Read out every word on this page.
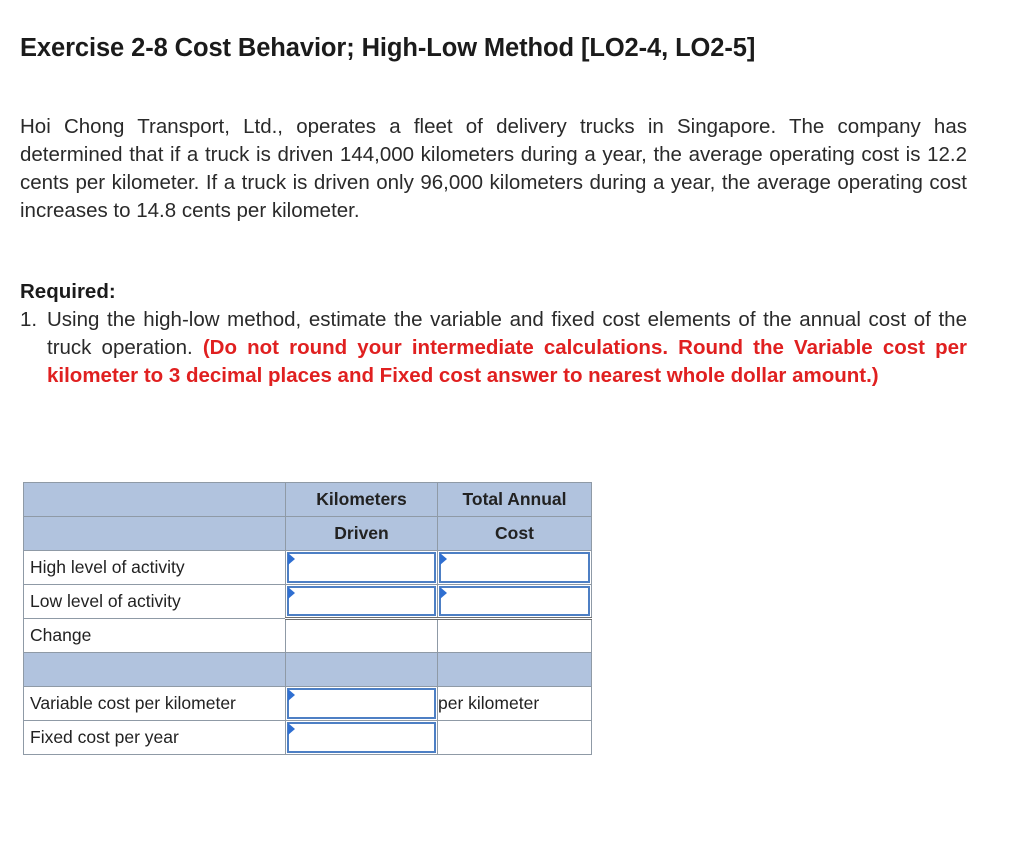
Exercise 2-8 Cost Behavior; High-Low Method [LO2-4, LO2-5]

Hoi Chong Transport, Ltd., operates a fleet of delivery trucks in Singapore. The company has determined that if a truck is driven 144,000 kilometers during a year, the average operating cost is 12.2 cents per kilometer. If a truck is driven only 96,000 kilometers during a year, the average operating cost increases to 14.8 cents per kilometer.

Required:

1. Using the high-low method, estimate the variable and fixed cost elements of the annual cost of the truck operation. (Do not round your intermediate calculations. Round the Variable cost per kilometer to 3 decimal places and Fixed cost answer to nearest whole dollar amount.)
	Kilometers	Total Annual
	Driven	Cost
High level of activity	

Low level of activity	

Change		

Variable cost per kilometer		per kilometer
Fixed cost per year	
